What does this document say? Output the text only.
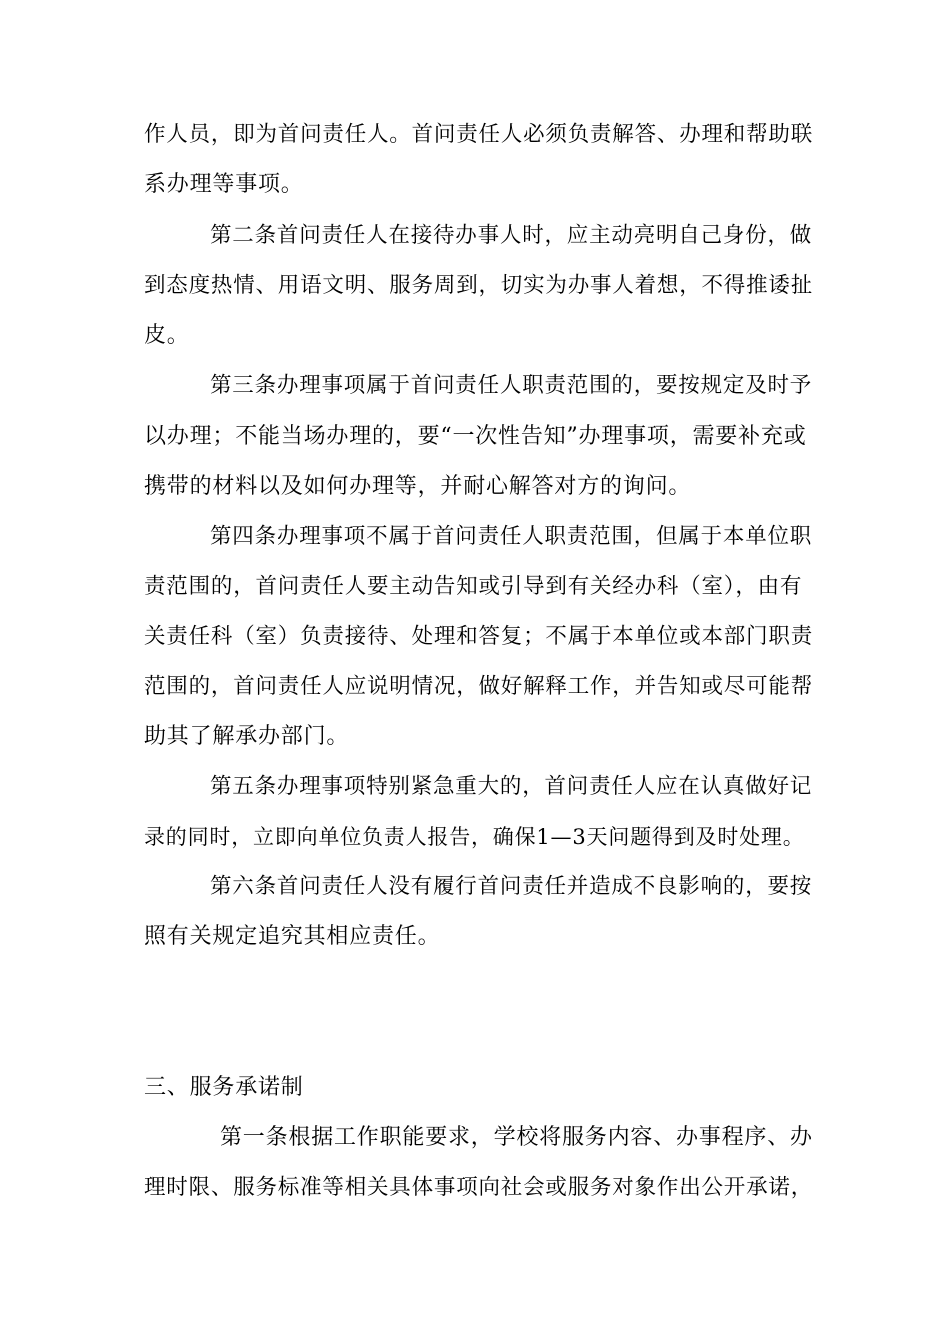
作人员，即为首问责任人。首问责任人必须负责解答、办理和帮助联
系办理等事项。
第二条首问责任人在接待办事人时，应主动亮明自己身份，做
到态度热情、用语文明、服务周到，切实为办事人着想，不得推诿扯
皮。
第三条办理事项属于首问责任人职责范围的，要按规定及时予
以办理；不能当场办理的，要“一次性告知”办理事项，需要补充或
携带的材料以及如何办理等，并耐心解答对方的询问。
第四条办理事项不属于首问责任人职责范围，但属于本单位职
责范围的，首问责任人要主动告知或引导到有关经办科（室），由有
关责任科（室）负责接待、处理和答复；不属于本单位或本部门职责
范围的，首问责任人应说明情况，做好解释工作，并告知或尽可能帮
助其了解承办部门。
第五条办理事项特别紧急重大的，首问责任人应在认真做好记
录的同时，立即向单位负责人报告，确保1—3天问题得到及时处理。
第六条首问责任人没有履行首问责任并造成不良影响的，要按
照有关规定追究其相应责任。
三、服务承诺制
第一条根据工作职能要求，学校将服务内容、办事程序、办
理时限、服务标准等相关具体事项向社会或服务对象作出公开承诺，
